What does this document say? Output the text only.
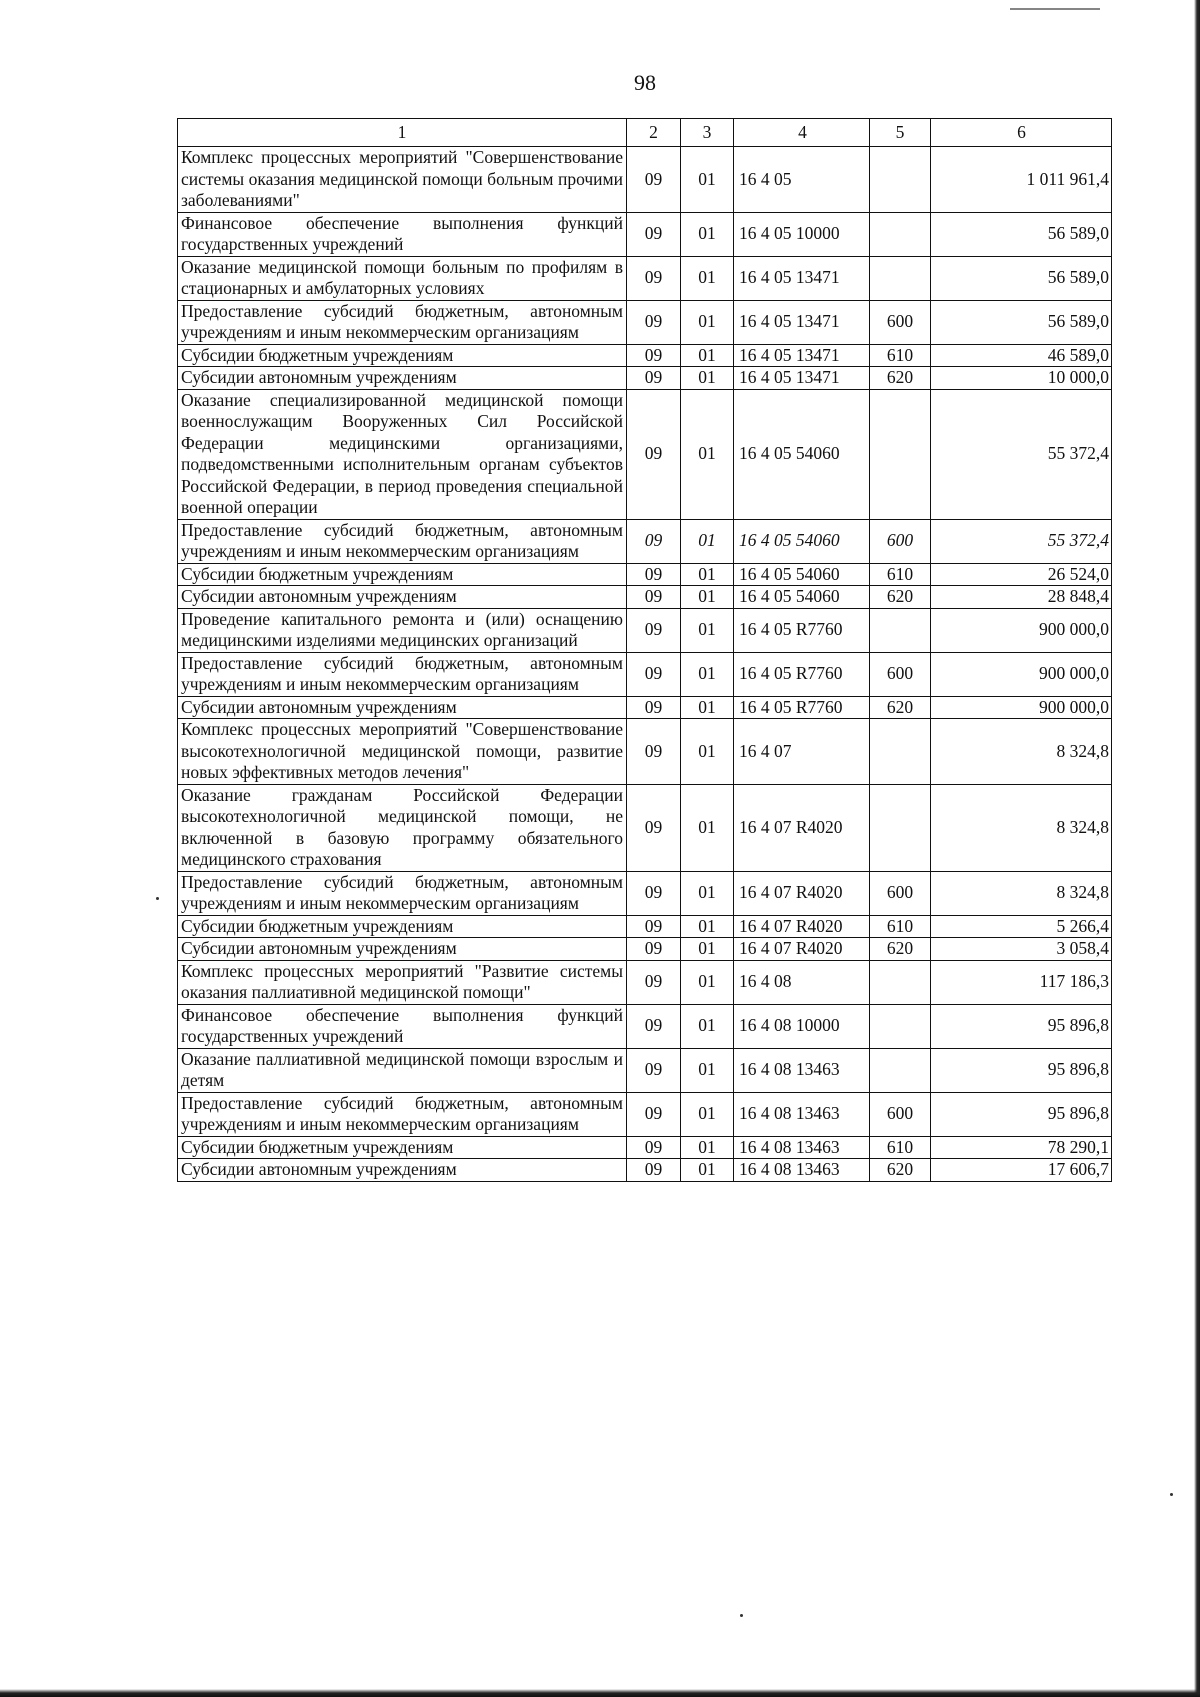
98
1	2	3	4	5	6
Комплекс процессных мероприятий "Совершенствование системы оказания медицинской помощи больным прочими заболеваниями"	09	01	16 4 05		1 011 961,4
Финансовое обеспечение выполнения функций государственных учреждений	09	01	16 4 05 10000		56 589,0
Оказание медицинской помощи больным по профилям в стационарных и амбулаторных условиях	09	01	16 4 05 13471		56 589,0
Предоставление субсидий бюджетным, автономным учреждениям и иным некоммерческим организациям	09	01	16 4 05 13471	600	56 589,0
Субсидии бюджетным учреждениям	09	01	16 4 05 13471	610	46 589,0
Субсидии автономным учреждениям	09	01	16 4 05 13471	620	10 000,0
Оказание специализированной медицинской помощи военнослужащим Вооруженных Сил Российской Федерации медицинскими организациями, подведомственными исполнительным органам субъектов Российской Федерации, в период проведения специальной военной операции	09	01	16 4 05 54060		55 372,4
Предоставление субсидий бюджетным, автономным учреждениям и иным некоммерческим организациям	09	01	16 4 05 54060	600	55 372,4
Субсидии бюджетным учреждениям	09	01	16 4 05 54060	610	26 524,0
Субсидии автономным учреждениям	09	01	16 4 05 54060	620	28 848,4
Проведение капитального ремонта и (или) оснащению медицинскими изделиями медицинских организаций	09	01	16 4 05 R7760		900 000,0
Предоставление субсидий бюджетным, автономным учреждениям и иным некоммерческим организациям	09	01	16 4 05 R7760	600	900 000,0
Субсидии автономным учреждениям	09	01	16 4 05 R7760	620	900 000,0
Комплекс процессных мероприятий "Совершенствование высокотехнологичной медицинской помощи, развитие новых эффективных методов лечения"	09	01	16 4 07		8 324,8
Оказание гражданам Российской Федерации высокотехнологичной медицинской помощи, не включенной в базовую программу обязательного медицинского страхования	09	01	16 4 07 R4020		8 324,8
Предоставление субсидий бюджетным, автономным учреждениям и иным некоммерческим организациям	09	01	16 4 07 R4020	600	8 324,8
Субсидии бюджетным учреждениям	09	01	16 4 07 R4020	610	5 266,4
Субсидии автономным учреждениям	09	01	16 4 07 R4020	620	3 058,4
Комплекс процессных мероприятий "Развитие системы оказания паллиативной медицинской помощи"	09	01	16 4 08		117 186,3
Финансовое обеспечение выполнения функций государственных учреждений	09	01	16 4 08 10000		95 896,8
Оказание паллиативной медицинской помощи взрослым и детям	09	01	16 4 08 13463		95 896,8
Предоставление субсидий бюджетным, автономным учреждениям и иным некоммерческим организациям	09	01	16 4 08 13463	600	95 896,8
Субсидии бюджетным учреждениям	09	01	16 4 08 13463	610	78 290,1
Субсидии автономным учреждениям	09	01	16 4 08 13463	620	17 606,7
